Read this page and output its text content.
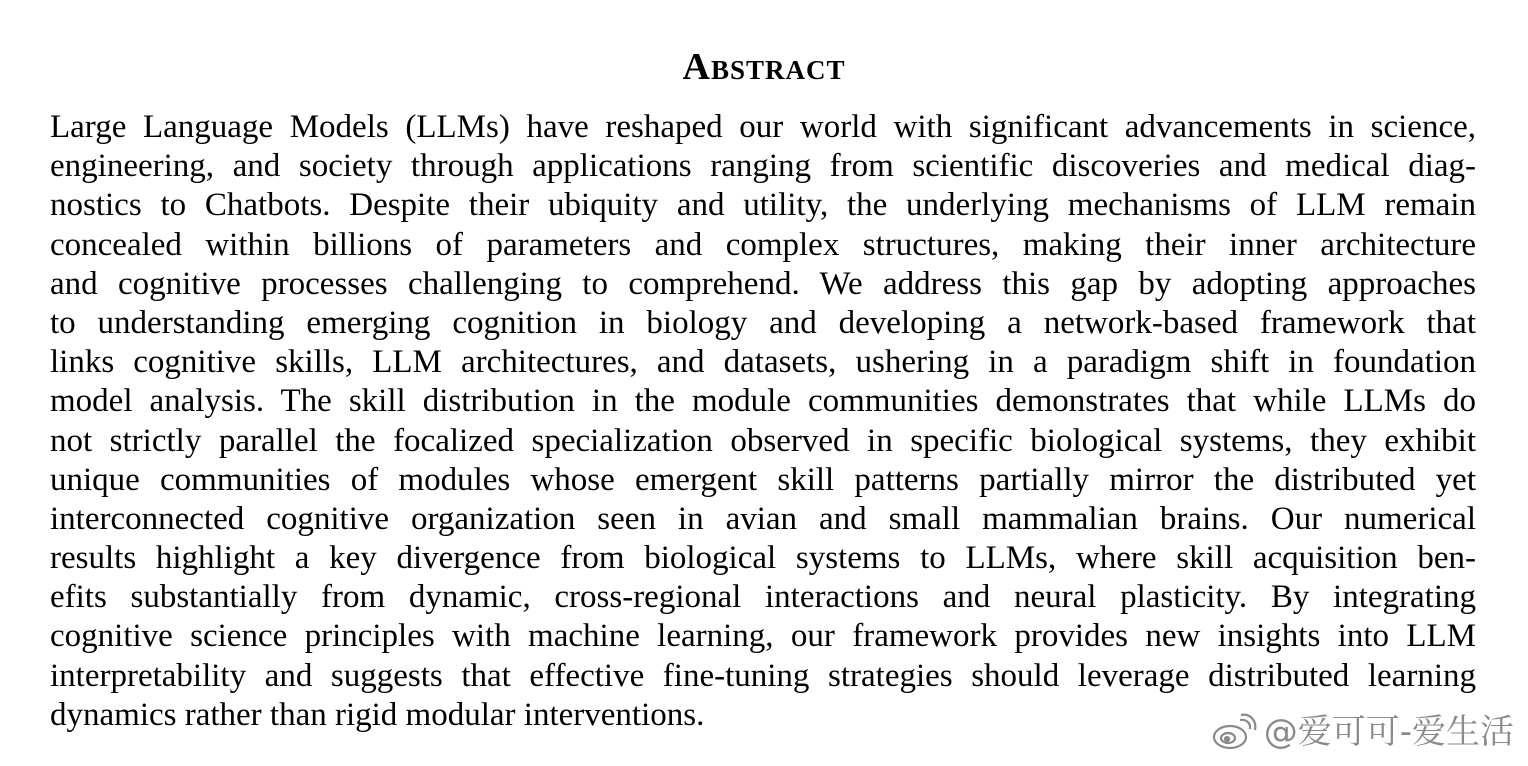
Abstract
Large Language Models (LLMs) have reshaped our world with significant advancements in science,
engineering, and society through applications ranging from scientific discoveries and medical diag-
nostics to Chatbots. Despite their ubiquity and utility, the underlying mechanisms of LLM remain
concealed within billions of parameters and complex structures, making their inner architecture
and cognitive processes challenging to comprehend. We address this gap by adopting approaches
to understanding emerging cognition in biology and developing a network-based framework that
links cognitive skills, LLM architectures, and datasets, ushering in a paradigm shift in foundation
model analysis. The skill distribution in the module communities demonstrates that while LLMs do
not strictly parallel the focalized specialization observed in specific biological systems, they exhibit
unique communities of modules whose emergent skill patterns partially mirror the distributed yet
interconnected cognitive organization seen in avian and small mammalian brains. Our numerical
results highlight a key divergence from biological systems to LLMs, where skill acquisition ben-
efits substantially from dynamic, cross-regional interactions and neural plasticity. By integrating
cognitive science principles with machine learning, our framework provides new insights into LLM
interpretability and suggests that effective fine-tuning strategies should leverage distributed learning
dynamics rather than rigid modular interventions.	@爱可可-爱生活
